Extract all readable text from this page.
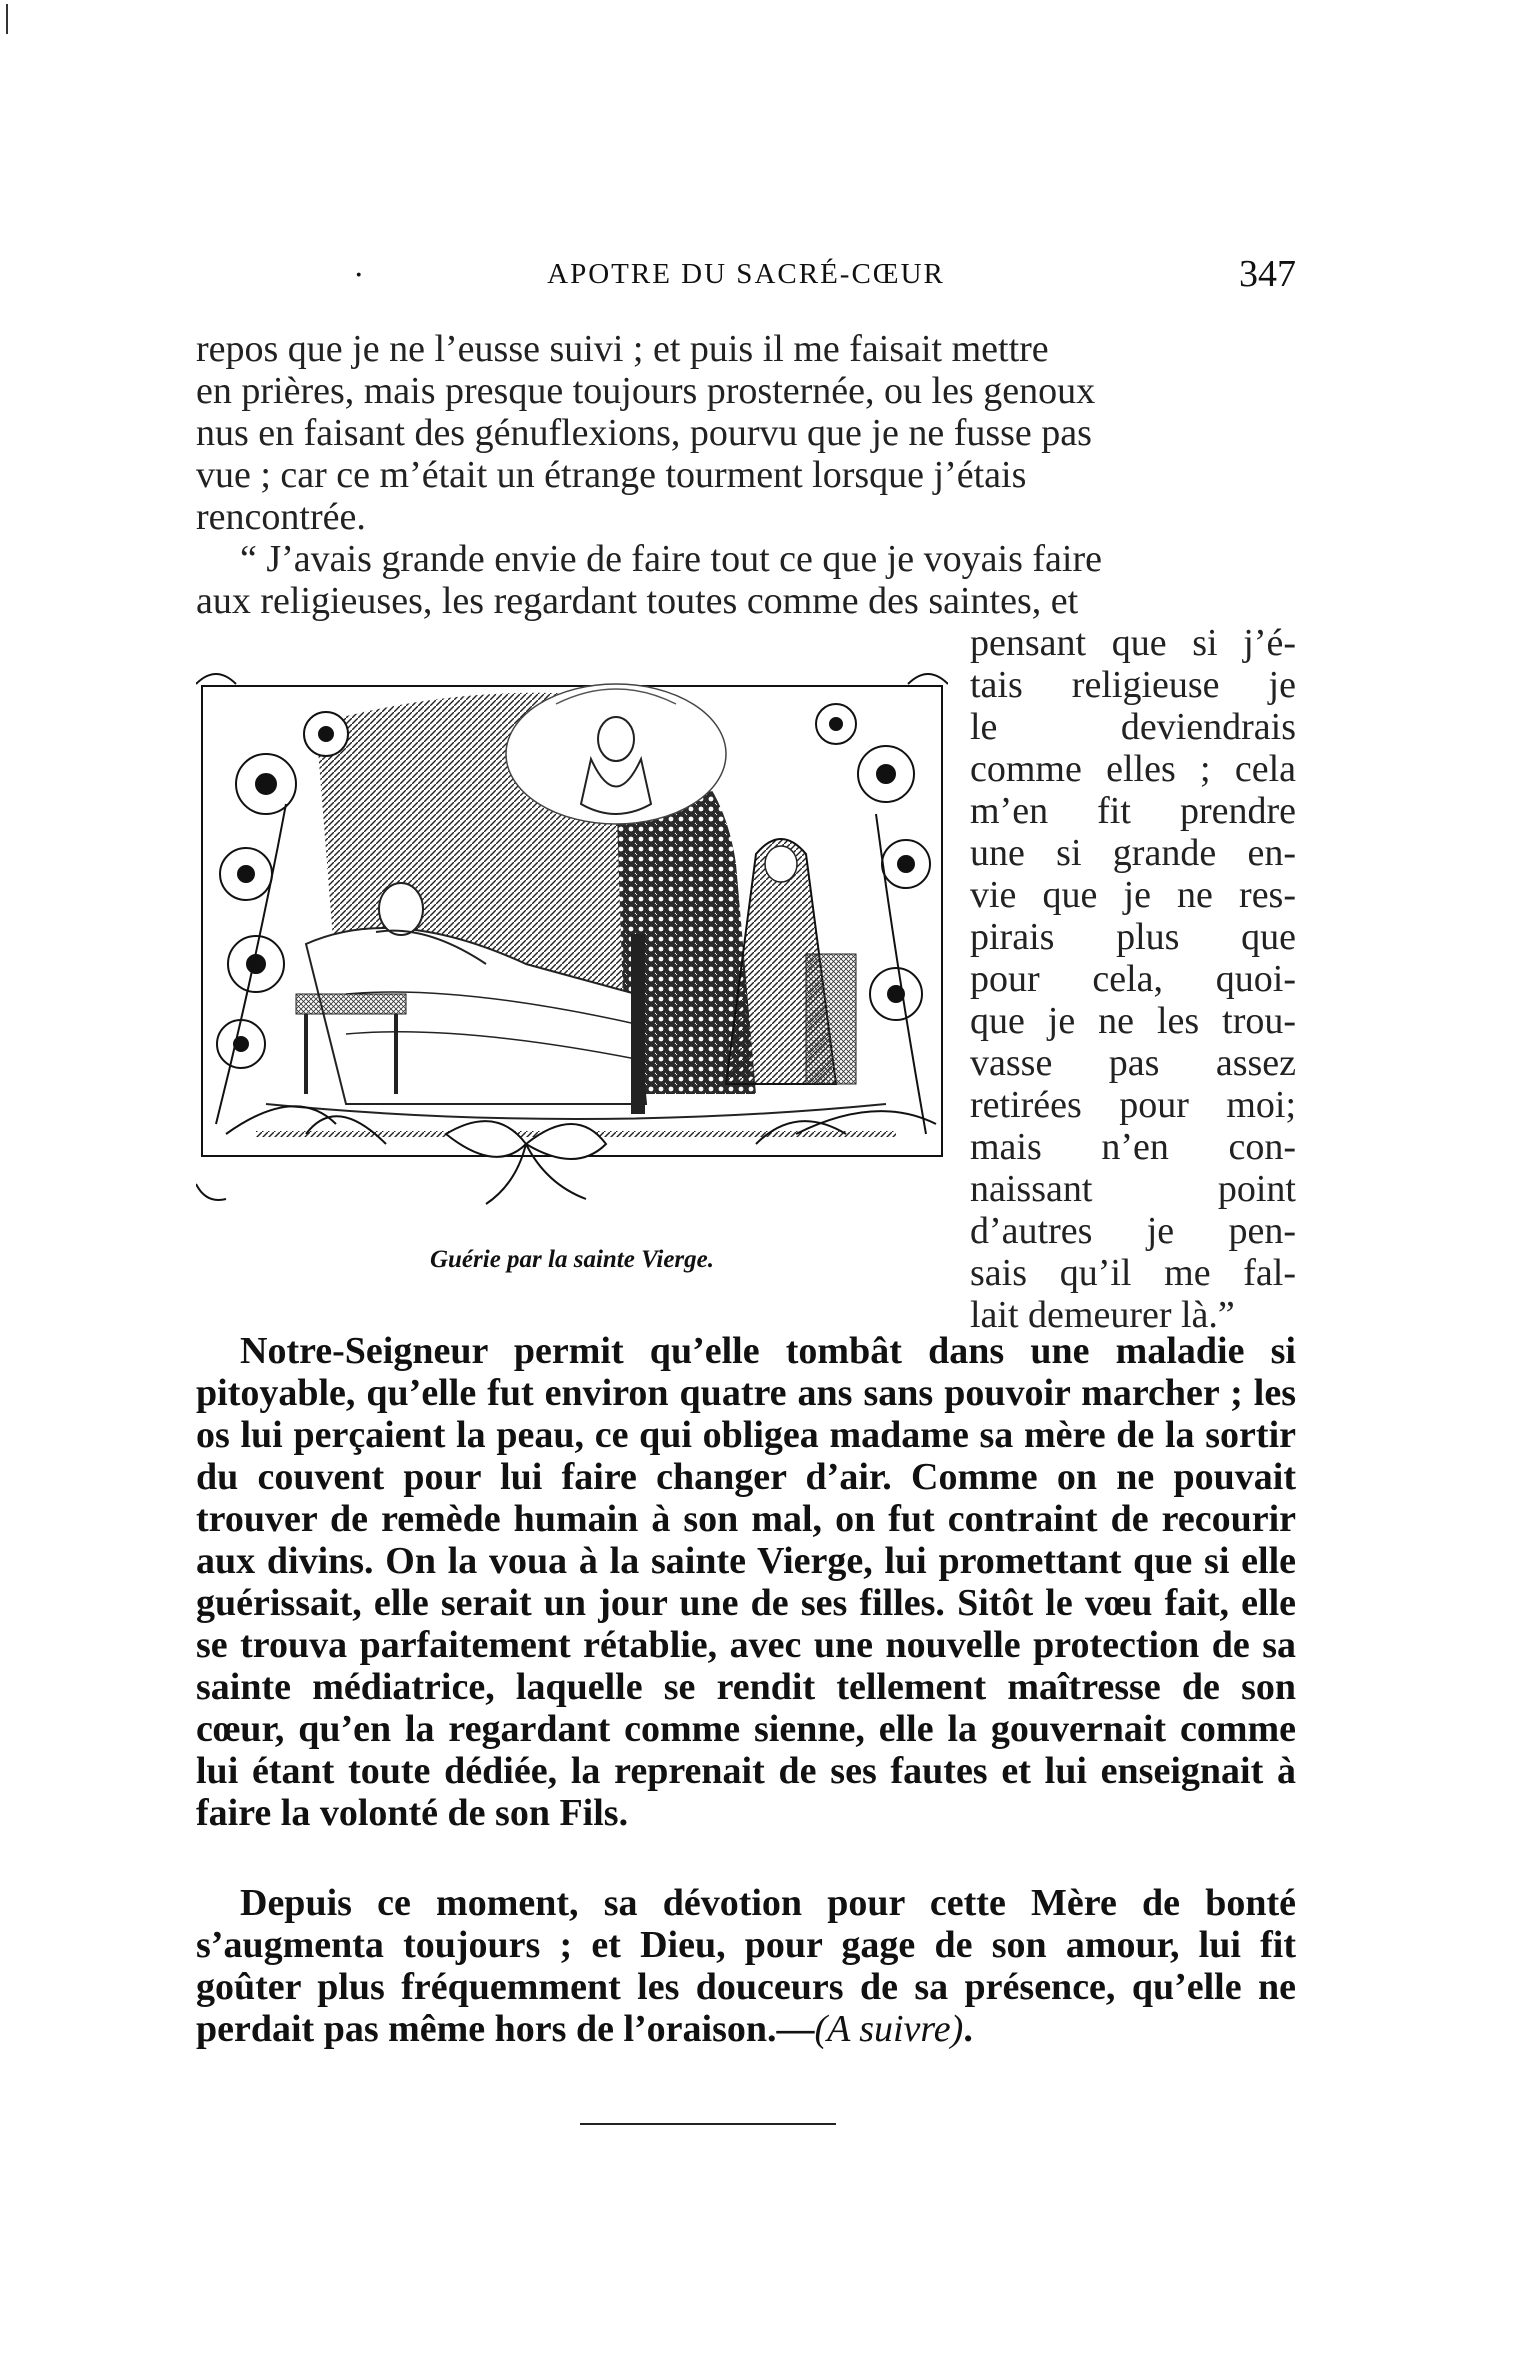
·	APOTRE DU SACRÉ-CŒUR	347

repos que je ne l’eusse suivi ; et puis il me faisait mettre

en prières, mais presque toujours prosternée, ou les genoux

nus en faisant des génuflexions, pourvu que je ne fusse pas

vue ; car ce m’était un étrange tourment lorsque j’étais

rencontrée.

“ J’avais grande envie de faire tout ce que je voyais faire

aux religieuses, les regardant toutes comme des saintes, et

pensant que si j’é-
tais religieuse je
le deviendrais
comme elles ; cela
m’en fit prendre
une si grande en-
vie que je ne res-
pirais plus que
pour cela, quoi-
que je ne les trou-
vasse pas assez
retirées pour moi;
mais n’en con-
naissant point
d’autres je pen-
sais qu’il me fal-
lait demeurer là.”
Guérie par la sainte Vierge.

Notre-Seigneur permit qu’elle tombât dans une maladie si pitoyable, qu’elle fut environ quatre ans sans pouvoir marcher ; les os lui perçaient la peau, ce qui obligea madame sa mère de la sortir du couvent pour lui faire changer d’air. Comme on ne pouvait trouver de remède humain à son mal, on fut contraint de recourir aux divins. On la voua à la sainte Vierge, lui promettant que si elle guérissait, elle serait un jour une de ses filles. Sitôt le vœu fait, elle se trouva parfaitement rétablie, avec une nouvelle protection de sa sainte médiatrice, laquelle se rendit tellement maîtresse de son cœur, qu’en la regardant comme sienne, elle la gouvernait comme lui étant toute dédiée, la reprenait de ses fautes et lui enseignait à faire la volonté de son Fils.

Depuis ce moment, sa dévotion pour cette Mère de bonté s’augmenta toujours ; et Dieu, pour gage de son amour, lui fit goûter plus fréquemment les douceurs de sa présence, qu’elle ne perdait pas même hors de l’oraison.—(A suivre).
